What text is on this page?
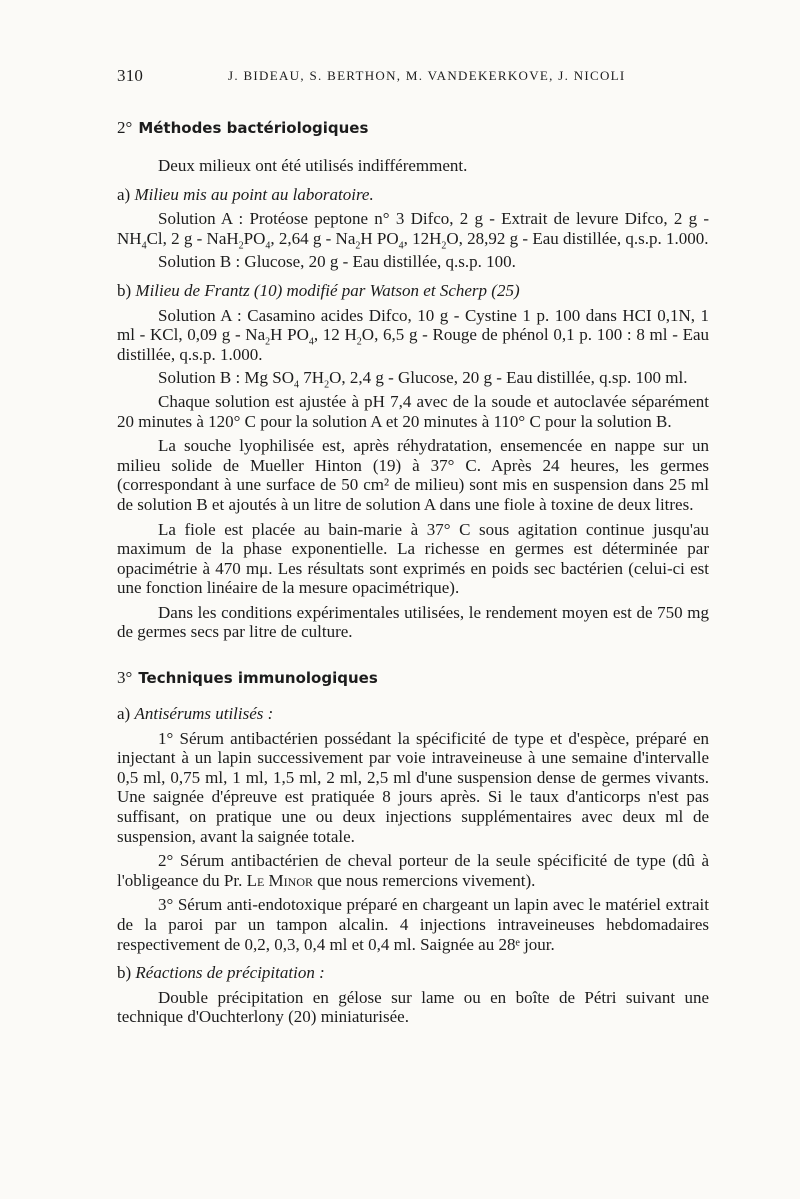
310	J. BIDEAU, S. BERTHON, M. VANDEKERKOVE, J. NICOLI
2° Méthodes bactériologiques

Deux milieux ont été utilisés indifféremment.

a) Milieu mis au point au laboratoire.

Solution A : Protéose peptone n° 3 Difco, 2 g - Extrait de levure Difco, 2 g - $NH_4Cl$, 2 g - $NaH_2PO_4$, 2,64 g - $Na_2H$ $PO_4$, $12H_2O$, 28,92 g - Eau distillée, q.s.p. 1.000.

Solution B : Glucose, 20 g - Eau distillée, q.s.p. 100.

b) Milieu de Frantz (10) modifié par Watson et Scherp (25)

Solution A : Casamino acides Difco, 10 g - Cystine 1 p. 100 dans HCI 0,1N, 1 ml - KCl, 0,09 g - $Na_2H$ $PO_4$, 12 $H_2O$, 6,5 g - Rouge de phénol 0,1 p. 100 : 8 ml - Eau distillée, q.s.p. 1.000.

Solution B : Mg $SO_4$ $7H_2O$, 2,4 g - Glucose, 20 g - Eau distillée, q.sp. 100 ml.

Chaque solution est ajustée à pH 7,4 avec de la soude et autoclavée séparément 20 minutes à 120° C pour la solution A et 20 minutes à 110° C pour la solution B.

La souche lyophilisée est, après réhydratation, ensemencée en nappe sur un milieu solide de Mueller Hinton (19) à 37° C. Après 24 heures, les germes (correspondant à une surface de 50 cm² de milieu) sont mis en suspension dans 25 ml de solution B et ajoutés à un litre de solution A dans une fiole à toxine de deux litres.

La fiole est placée au bain-marie à 37° C sous agitation continue jusqu'au maximum de la phase exponentielle. La richesse en germes est déterminée par opacimétrie à 470 mμ. Les résultats sont exprimés en poids sec bactérien (celui-ci est une fonction linéaire de la mesure opacimétrique).

Dans les conditions expérimentales utilisées, le rendement moyen est de 750 mg de germes secs par litre de culture.

3° Techniques immunologiques

a) Antisérums utilisés :

1° Sérum antibactérien possédant la spécificité de type et d'espèce, préparé en injectant à un lapin successivement par voie intraveineuse à une semaine d'intervalle 0,5 ml, 0,75 ml, 1 ml, 1,5 ml, 2 ml, 2,5 ml d'une suspension dense de germes vivants. Une saignée d'épreuve est pratiquée 8 jours après. Si le taux d'anticorps n'est pas suffisant, on pratique une ou deux injections supplémentaires avec deux ml de suspension, avant la saignée totale.

2° Sérum antibactérien de cheval porteur de la seule spécificité de type (dû à l'obligeance du Pr. Le Minor que nous remercions vivement).

3° Sérum anti-endotoxique préparé en chargeant un lapin avec le matériel extrait de la paroi par un tampon alcalin. 4 injections intraveineuses hebdomadaires respectivement de 0,2, 0,3, 0,4 ml et 0,4 ml. Saignée au 28ᵉ jour.

b) Réactions de précipitation :

Double précipitation en gélose sur lame ou en boîte de Pétri suivant une technique d'Ouchterlony (20) miniaturisée.
